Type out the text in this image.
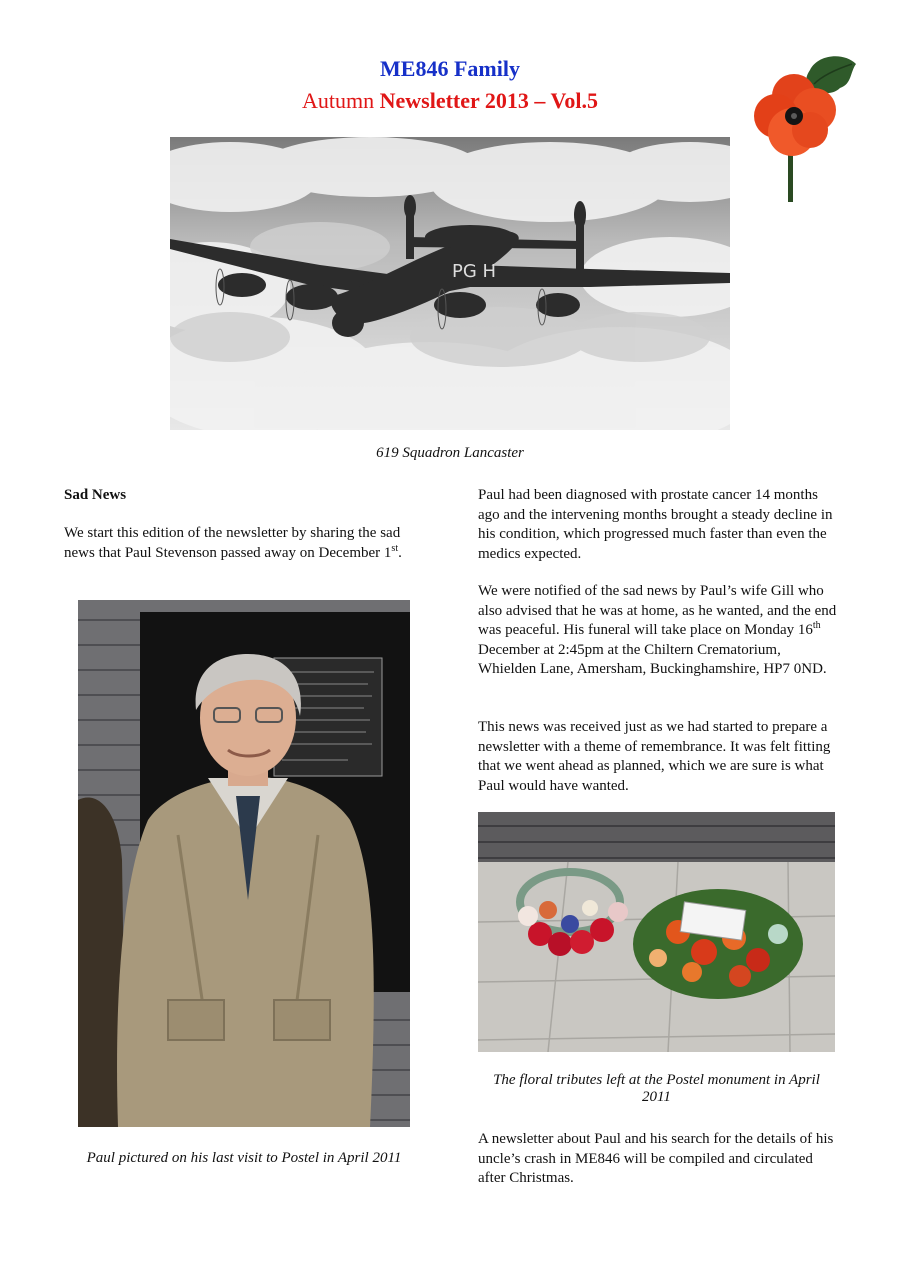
ME846 Family
Autumn Newsletter 2013 – Vol.5
PG H
619 Squadron Lancaster
Sad News
We start this edition of the newsletter by sharing the sad news that Paul Stevenson passed away on December 1st.
Paul pictured on his last visit to Postel in April 2011
Paul had been diagnosed with prostate cancer 14 months ago and the intervening months brought a steady decline in his condition, which progressed much faster than even the medics expected.
We were notified of the sad news by Paul’s wife Gill who also advised that he was at home, as he wanted, and the end was peaceful. His funeral will take place on Monday 16th December at 2:45pm at the Chiltern Crematorium, Whielden Lane, Amersham, Buckinghamshire, HP7 0ND.
This news was received just as we had started to prepare a newsletter with a theme of remembrance. It was felt fitting that we went ahead as planned, which we are sure is what Paul would have wanted.
The floral tributes left at the Postel monument in April 2011
A newsletter about Paul and his search for the details of his uncle’s crash in ME846 will be compiled and circulated after Christmas.
